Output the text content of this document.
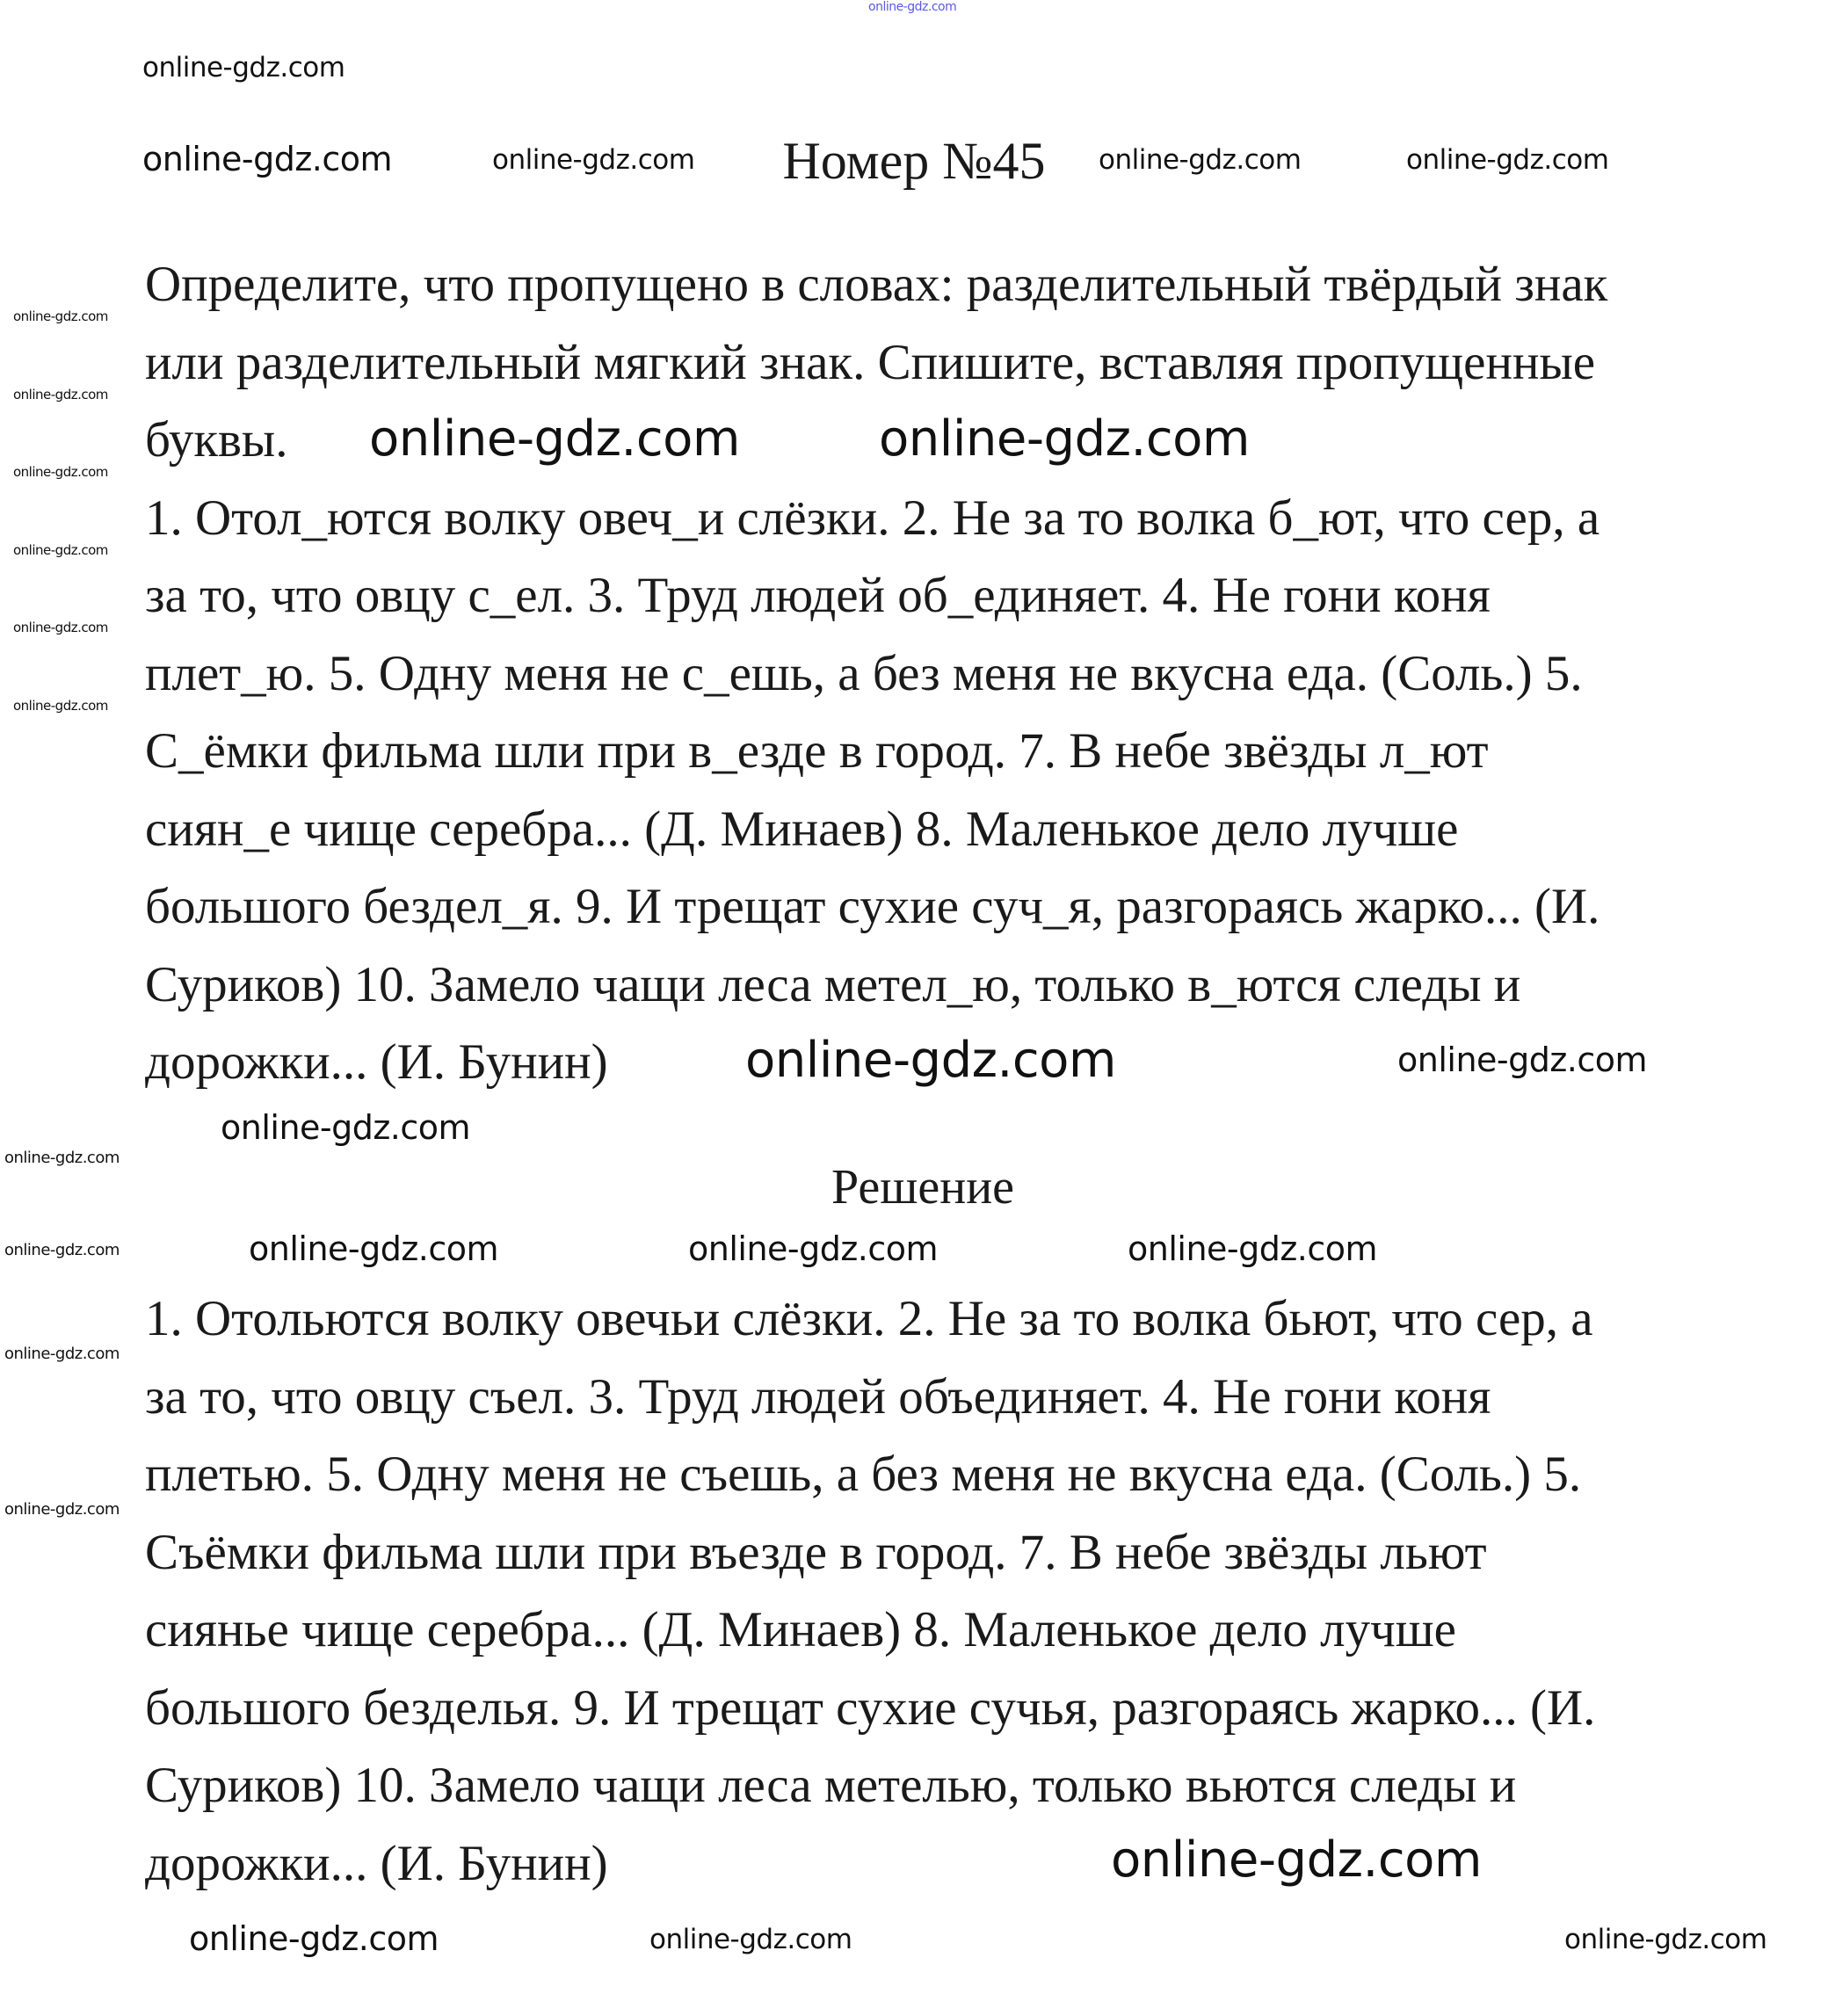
online-gdz.com
Номер №45
Определите, что пропущено в словах: разделительный твёрдый знак
или разделительный мягкий знак. Спишите, вставляя пропущенные
буквы.
1. Отол_ются волку овеч_и слёзки. 2. Не за то волка б_ют, что сер, а
за то, что овцу с_ел. 3. Труд людей об_единяет. 4. Не гони коня
плет_ю. 5. Одну меня не с_ешь, а без меня не вкусна еда. (Соль.) 5.
С_ёмки фильма шли при в_езде в город. 7. В небе звёзды л_ют
сиян_е чище серебра... (Д. Минаев) 8. Маленькое дело лучше
большого бездел_я. 9. И трещат сухие суч_я, разгораясь жарко... (И.
Суриков) 10. Замело чащи леса метел_ю, только в_ются следы и
дорожки... (И. Бунин)
Решение
1. Отольются волку овечьи слёзки. 2. Не за то волка бьют, что сер, а
за то, что овцу съел. 3. Труд людей объединяет. 4. Не гони коня
плетью. 5. Одну меня не съешь, а без меня не вкусна еда. (Соль.) 5.
Съёмки фильма шли при въезде в город. 7. В небе звёзды льют
сиянье чище серебра... (Д. Минаев) 8. Маленькое дело лучше
большого безделья. 9. И трещат сухие сучья, разгораясь жарко... (И.
Суриков) 10. Замело чащи леса метелью, только вьются следы и
дорожки... (И. Бунин)
online-gdz.com
online-gdz.com	online-gdz.com	online-gdz.com	online-gdz.com
online-gdz.com
online-gdz.com
online-gdz.com
online-gdz.com
online-gdz.com
online-gdz.com
online-gdz.com	online-gdz.com
online-gdz.com	online-gdz.com
online-gdz.com
online-gdz.com
online-gdz.com
online-gdz.com
online-gdz.com
online-gdz.com	online-gdz.com	online-gdz.com
online-gdz.com
online-gdz.com	online-gdz.com	online-gdz.com
